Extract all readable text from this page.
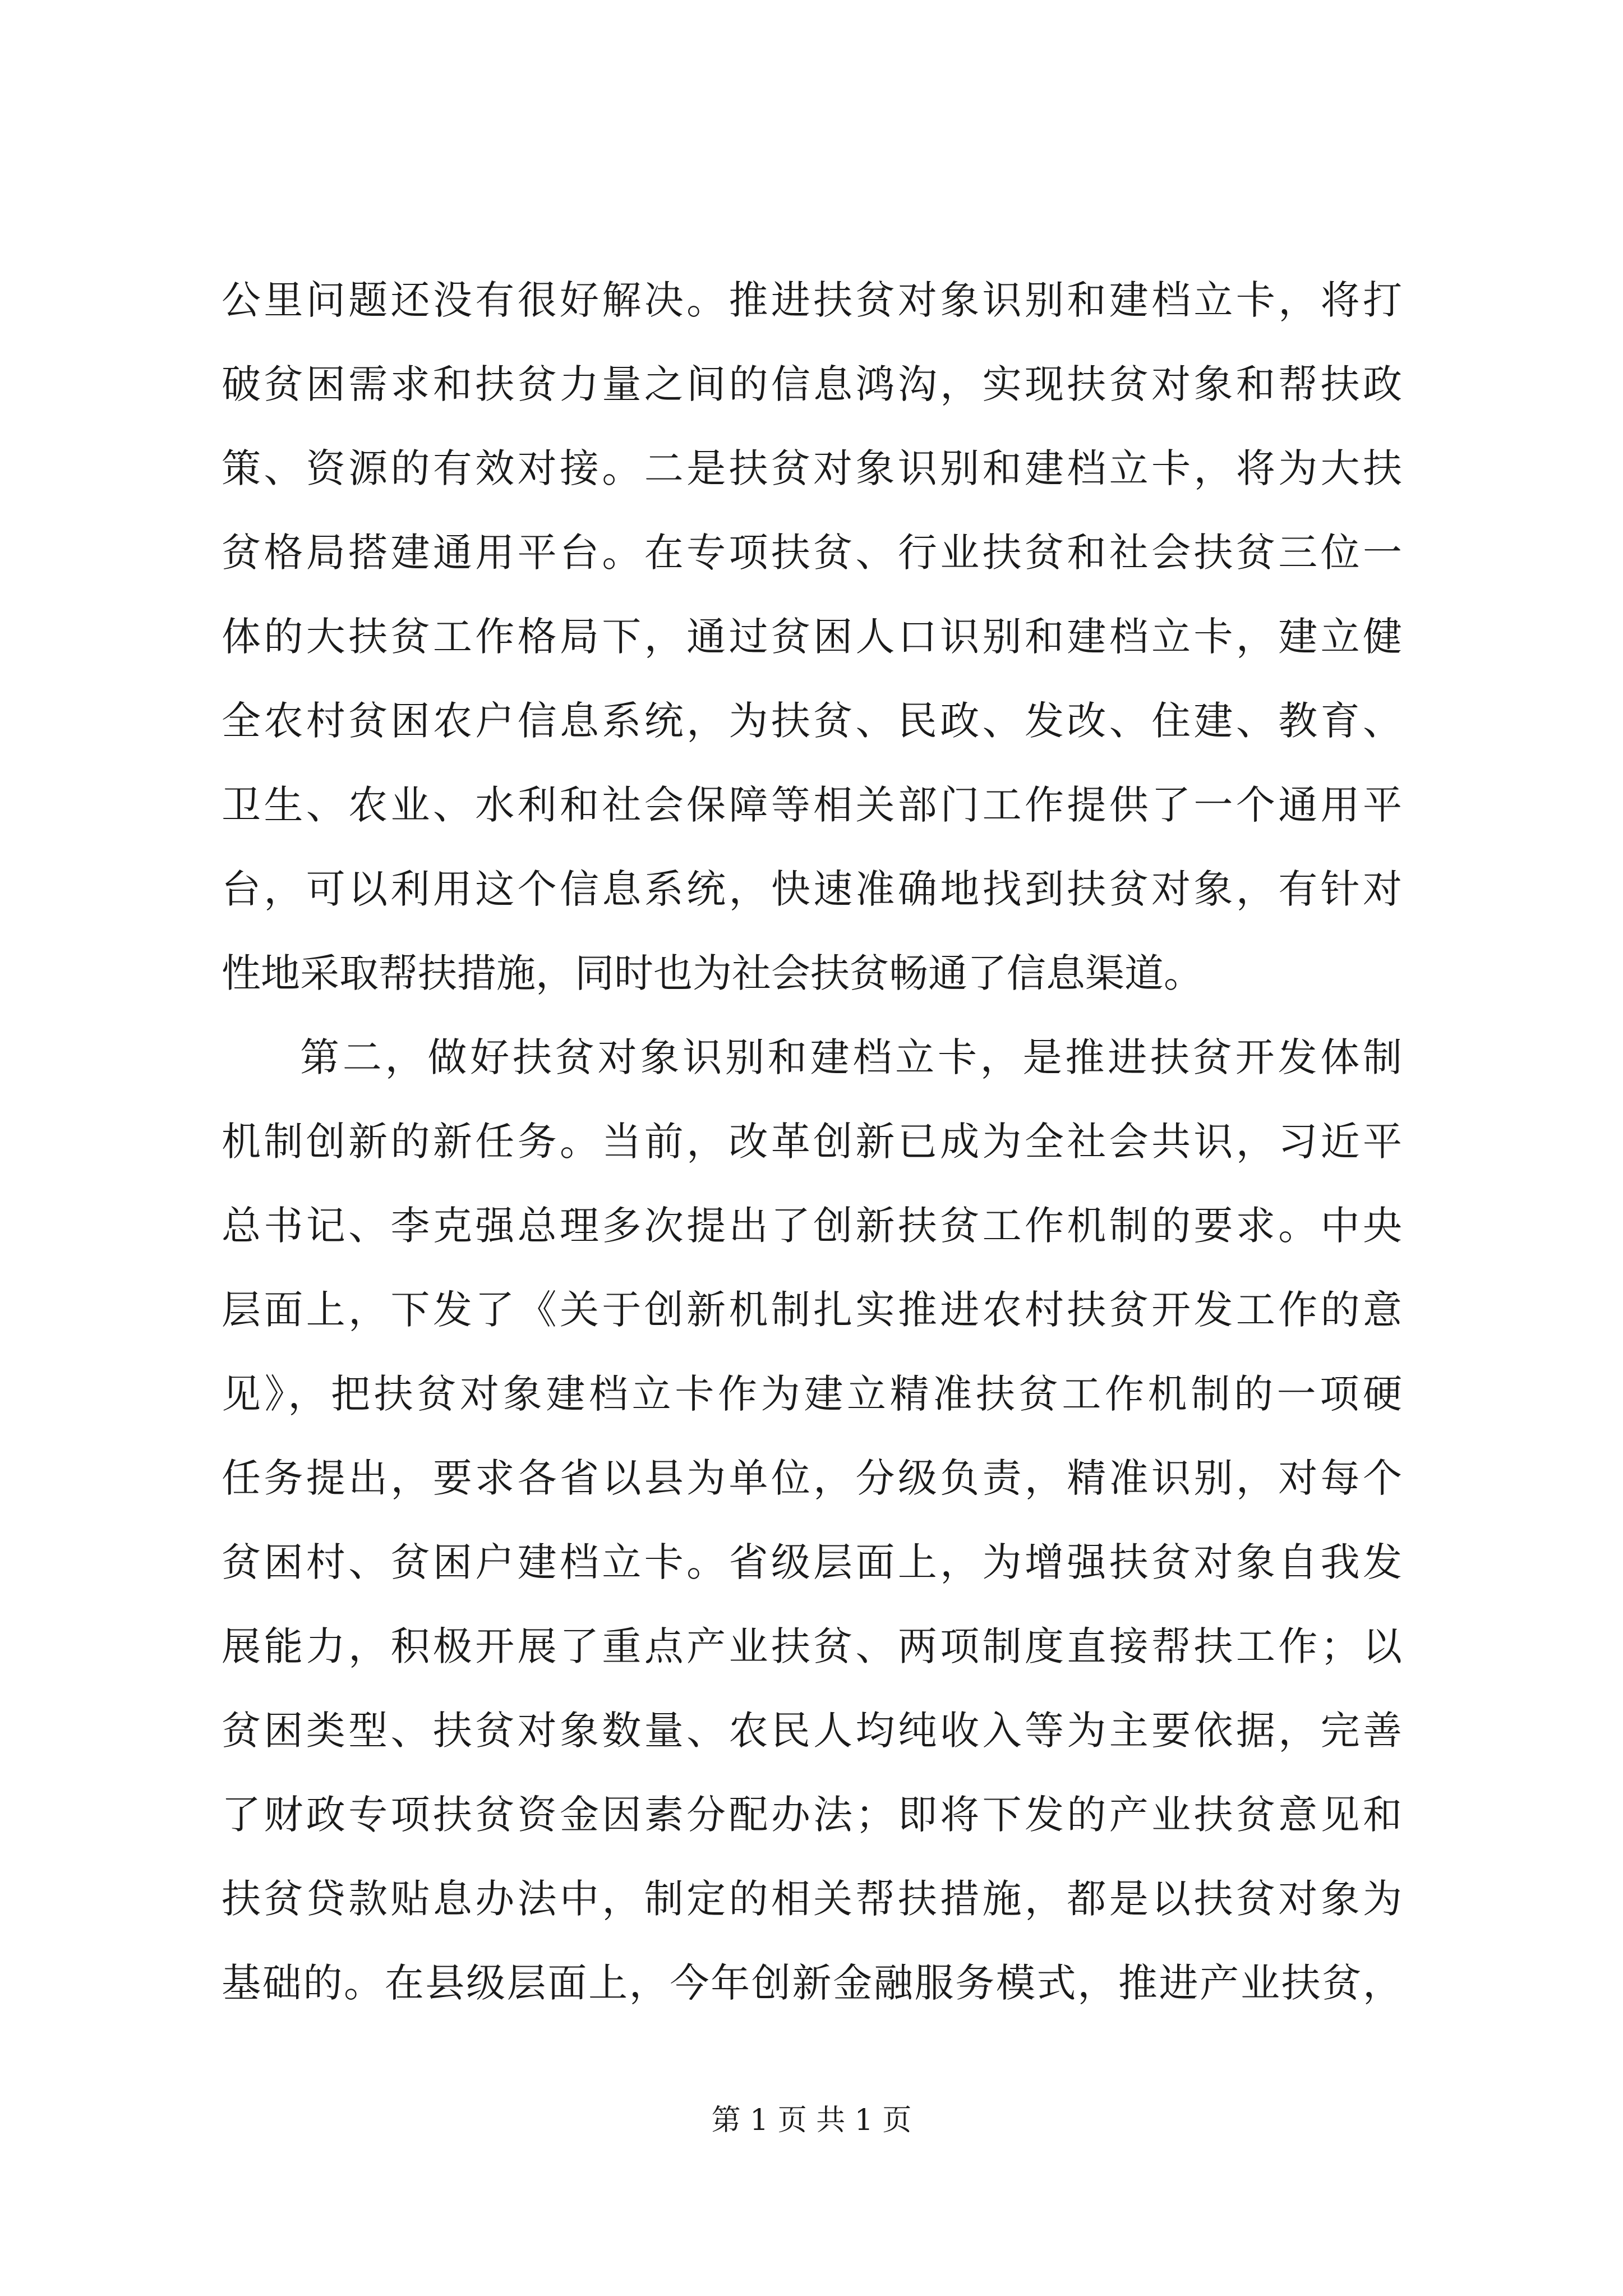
公里问题还没有很好解决。推进扶贫对象识别和建档立卡，将打
破贫困需求和扶贫力量之间的信息鸿沟，实现扶贫对象和帮扶政
策、资源的有效对接。二是扶贫对象识别和建档立卡，将为大扶
贫格局搭建通用平台。在专项扶贫、行业扶贫和社会扶贫三位一
体的大扶贫工作格局下，通过贫困人口识别和建档立卡，建立健
全农村贫困农户信息系统，为扶贫、民政、发改、住建、教育、
卫生、农业、水利和社会保障等相关部门工作提供了一个通用平
台，可以利用这个信息系统，快速准确地找到扶贫对象，有针对
性地采取帮扶措施，同时也为社会扶贫畅通了信息渠道。
第二，做好扶贫对象识别和建档立卡，是推进扶贫开发体制
机制创新的新任务。当前，改革创新已成为全社会共识，习近平
总书记、李克强总理多次提出了创新扶贫工作机制的要求。中央
层面上，下发了《关于创新机制扎实推进农村扶贫开发工作的意
见》，把扶贫对象建档立卡作为建立精准扶贫工作机制的一项硬
任务提出，要求各省以县为单位，分级负责，精准识别，对每个
贫困村、贫困户建档立卡。省级层面上，为增强扶贫对象自我发
展能力，积极开展了重点产业扶贫、两项制度直接帮扶工作；以
贫困类型、扶贫对象数量、农民人均纯收入等为主要依据，完善
了财政专项扶贫资金因素分配办法；即将下发的产业扶贫意见和
扶贫贷款贴息办法中，制定的相关帮扶措施，都是以扶贫对象为
基础的。在县级层面上，今年创新金融服务模式，推进产业扶贫，
第 1 页 共 1 页
